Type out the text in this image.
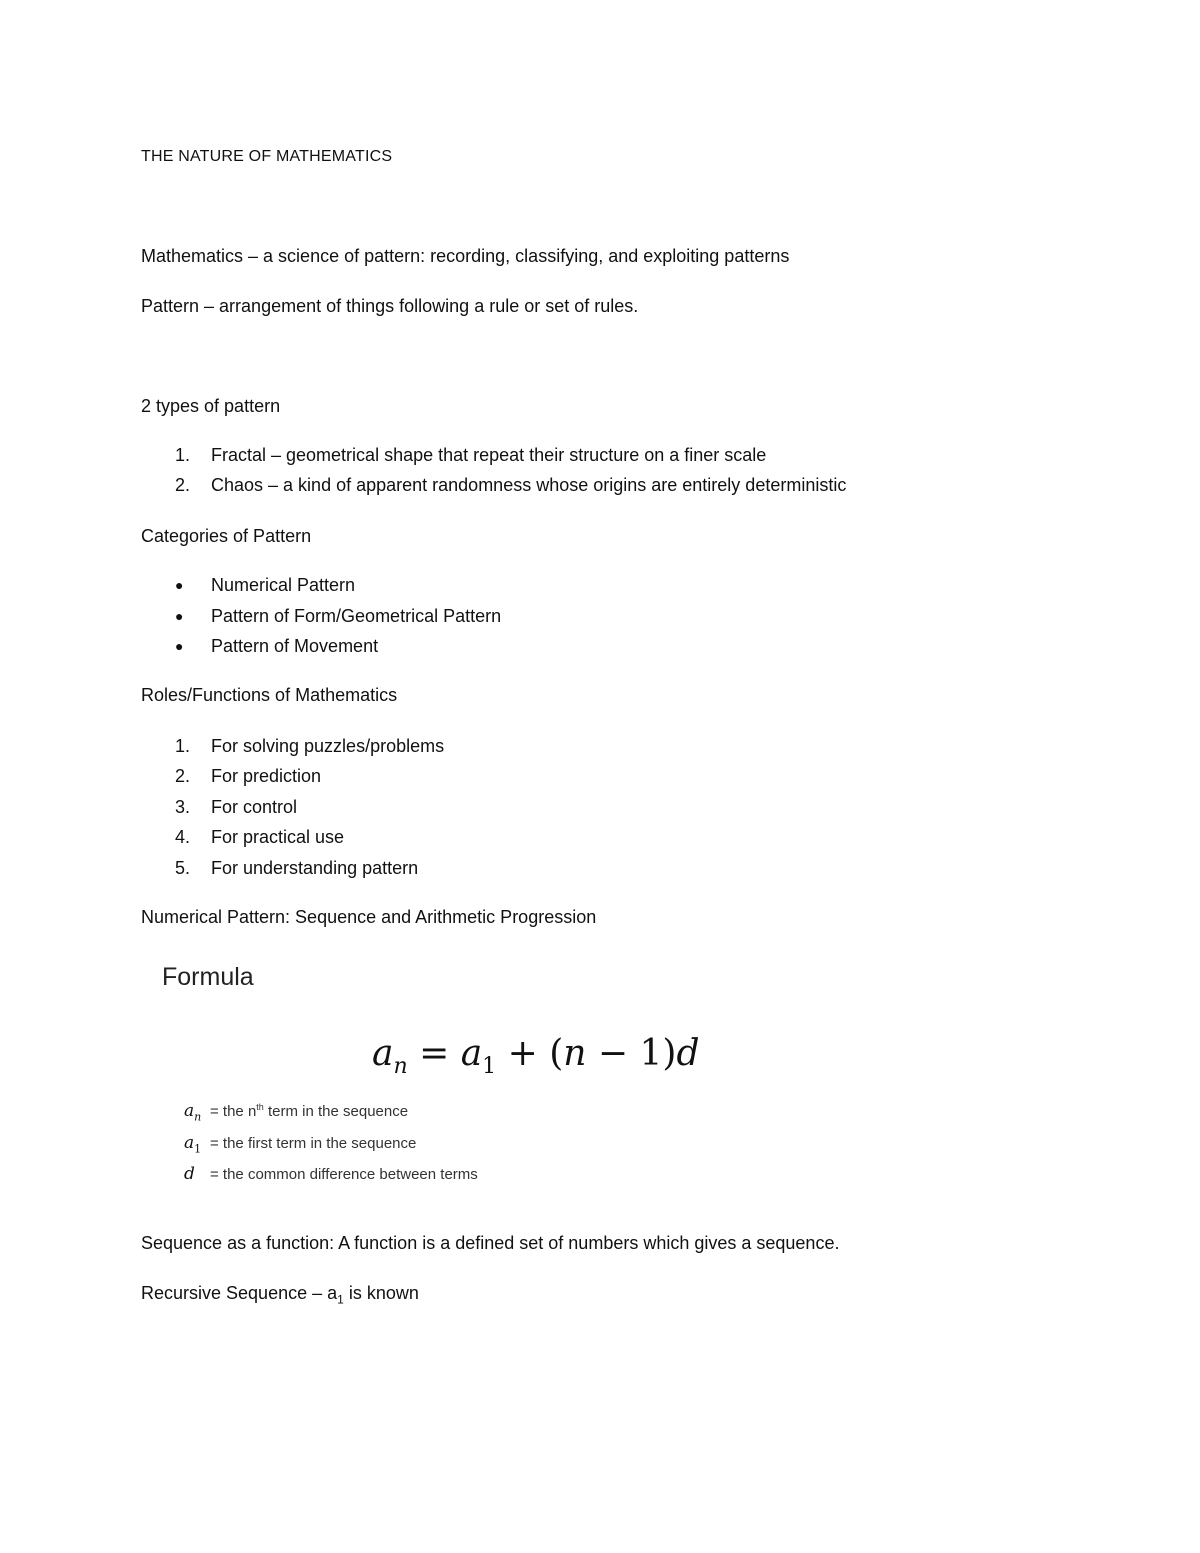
THE NATURE OF MATHEMATICS
Mathematics – a science of pattern: recording, classifying, and exploiting patterns
Pattern – arrangement of things following a rule or set of rules.
2 types of pattern
1.	Fractal – geometrical shape that repeat their structure on a finer scale
2.	Chaos – a kind of apparent randomness whose origins are entirely deterministic
Categories of Pattern
● Numerical Pattern
● Pattern of Form/Geometrical Pattern
● Pattern of Movement
Roles/Functions of Mathematics
1.	For solving puzzles/problems
2.	For prediction
3.	For control
4.	For practical use
5.	For understanding pattern
Numerical Pattern: Sequence and Arithmetic Progression
Formula
$a_n = a_1 + (n - 1)d$
$a_n$ = the $n^{th}$ term in the sequence
$a_1$ = the first term in the sequence
d = the common difference between terms
Sequence as a function: A function is a defined set of numbers which gives a sequence.
Recursive Sequence – $a_1$ is known
